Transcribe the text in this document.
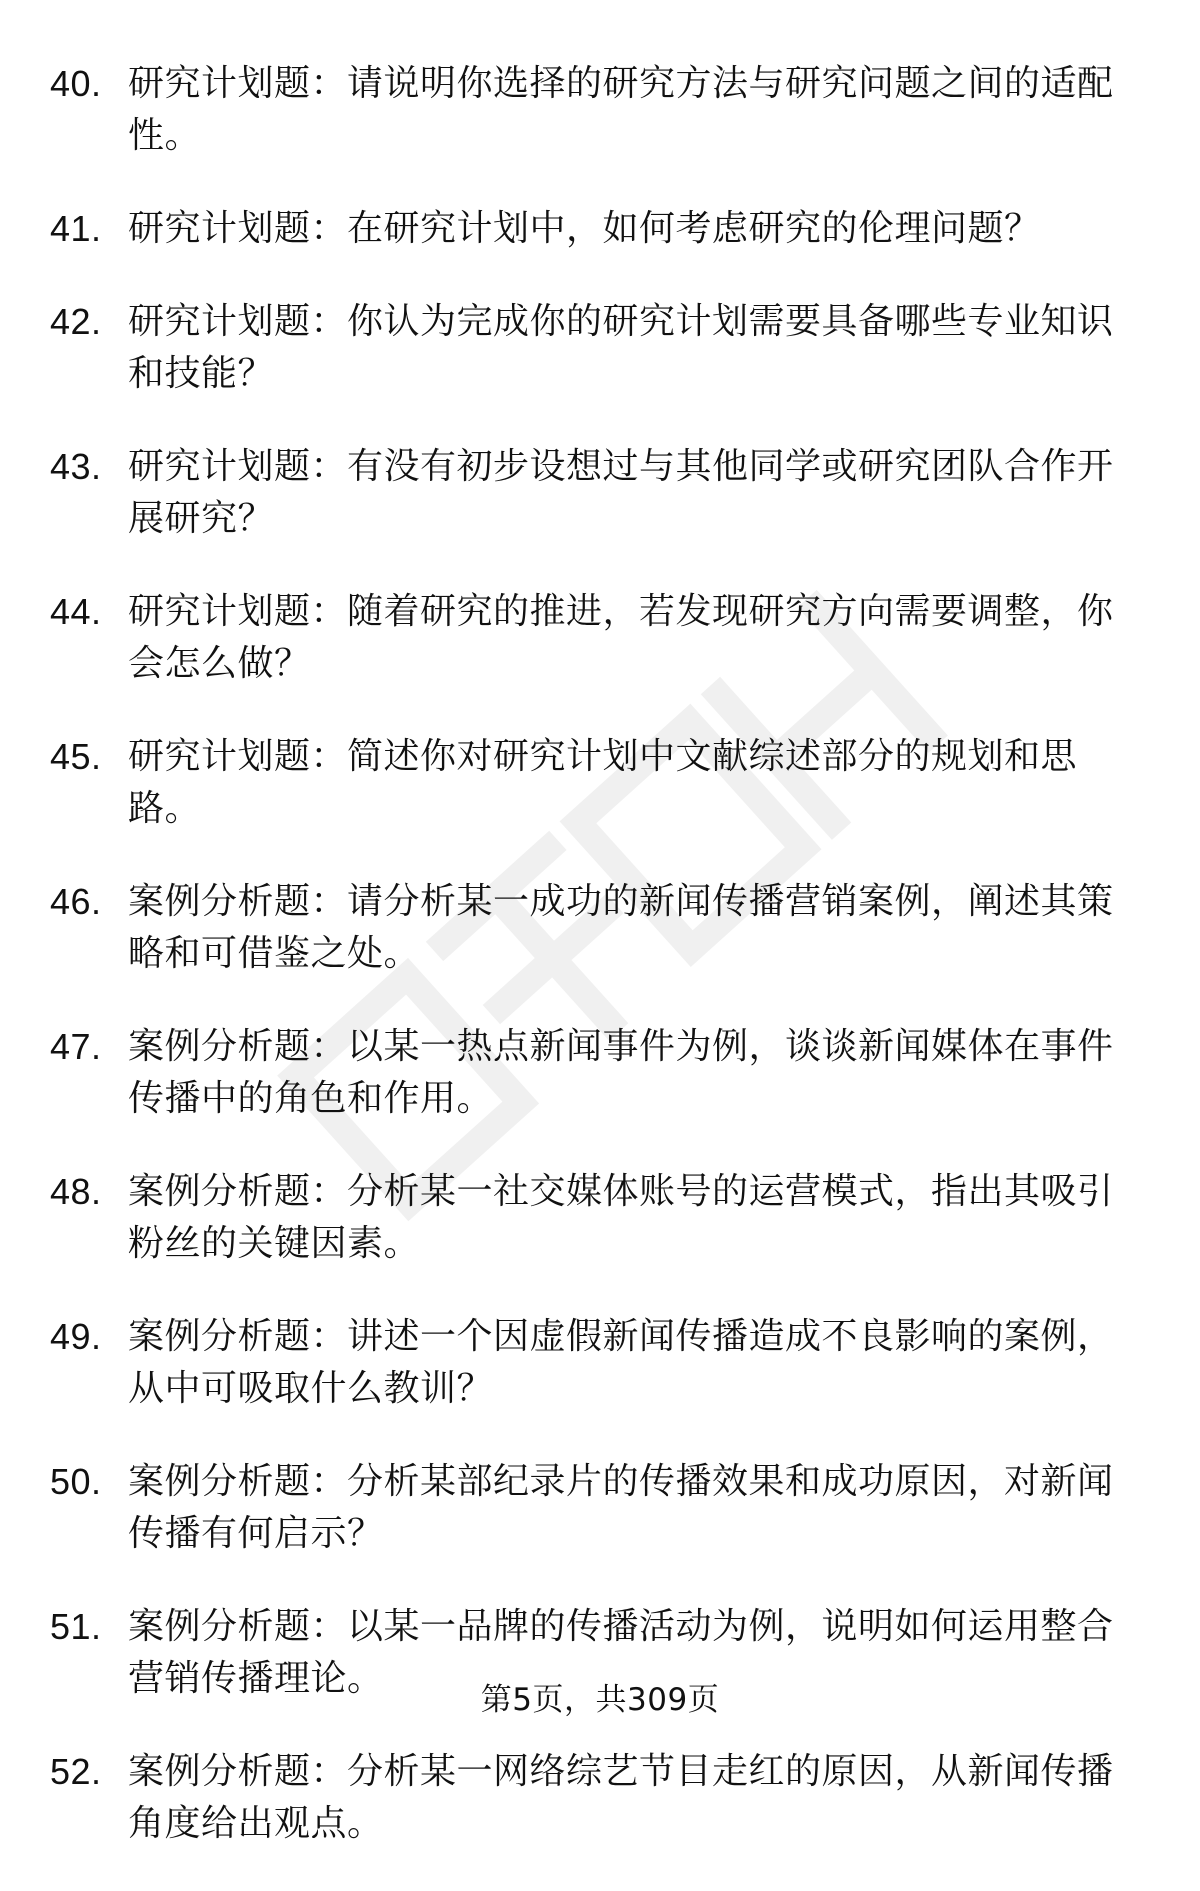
40. 研究计划题：请说明你选择的研究方法与研究问题之间的适配性。
41. 研究计划题：在研究计划中，如何考虑研究的伦理问题？
42. 研究计划题：你认为完成你的研究计划需要具备哪些专业知识和技能？
43. 研究计划题：有没有初步设想过与其他同学或研究团队合作开展研究？
44. 研究计划题：随着研究的推进，若发现研究方向需要调整，你会怎么做？
45. 研究计划题：简述你对研究计划中文献综述部分的规划和思路。
46. 案例分析题：请分析某一成功的新闻传播营销案例，阐述其策略和可借鉴之处。
47. 案例分析题：以某一热点新闻事件为例，谈谈新闻媒体在事件传播中的角色和作用。
48. 案例分析题：分析某一社交媒体账号的运营模式，指出其吸引粉丝的关键因素。
49. 案例分析题：讲述一个因虚假新闻传播造成不良影响的案例，从中可吸取什么教训？
50. 案例分析题：分析某部纪录片的传播效果和成功原因，对新闻传播有何启示？
51. 案例分析题：以某一品牌的传播活动为例，说明如何运用整合营销传播理论。
52. 案例分析题：分析某一网络综艺节目走红的原因，从新闻传播角度给出观点。
第5页，共309页
